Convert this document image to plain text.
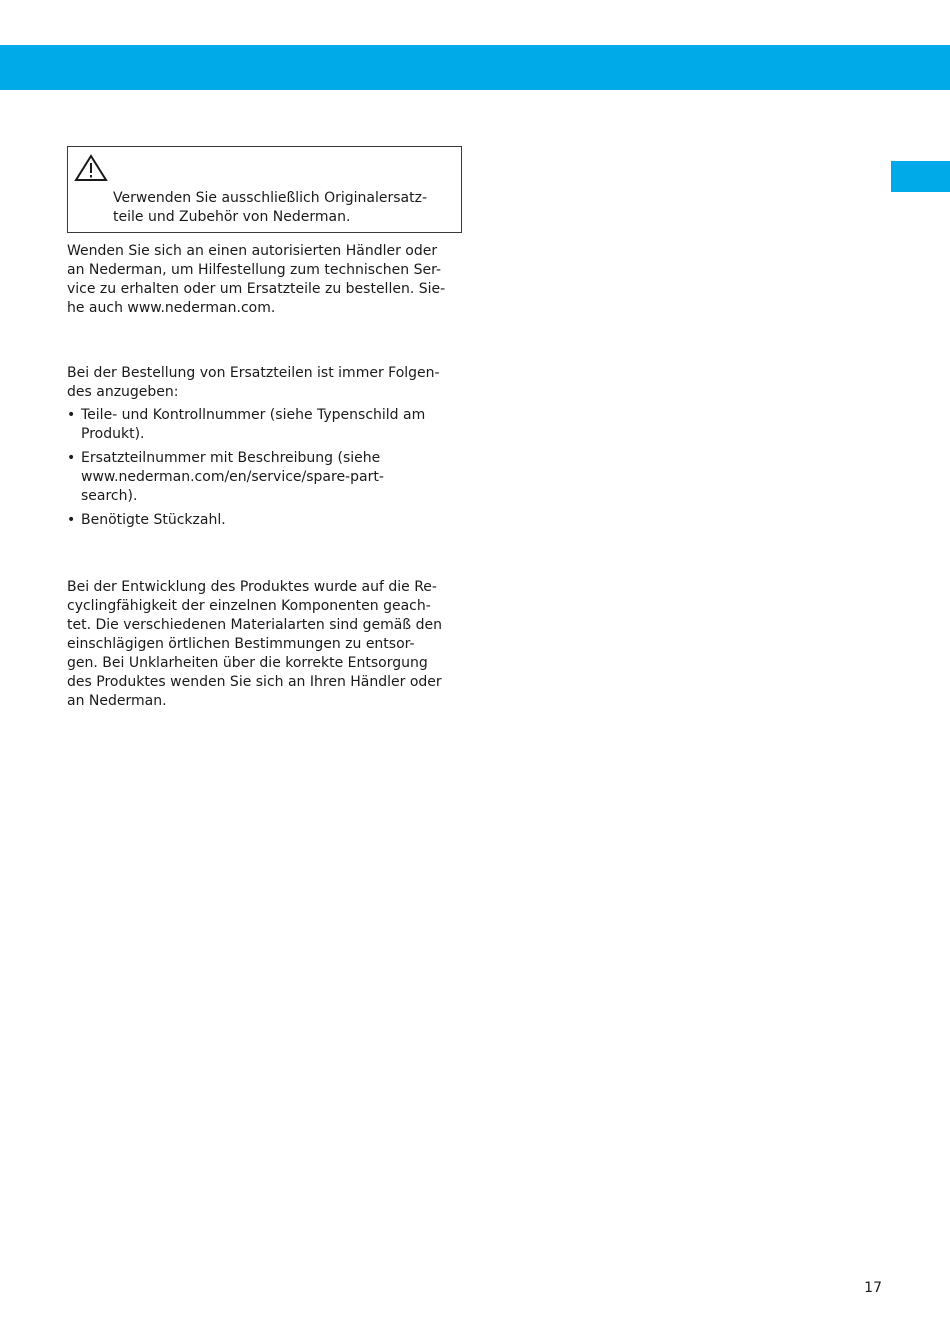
Verwenden Sie ausschließlich Originalersatz-
teile und Zubehör von Nederman.
Wenden Sie sich an einen autorisierten Händler oder
an Nederman, um Hilfestellung zum technischen Ser-
vice zu erhalten oder um Ersatzteile zu bestellen. Sie-
he auch www.nederman.com.
Bei der Bestellung von Ersatzteilen ist immer Folgen-
des anzugeben:
• Teile- und Kontrollnummer (siehe Typenschild am
Produkt).
• Ersatzteilnummer mit Beschreibung (siehe
www.nederman.com/en/service/spare-part-
search).
• Benötigte Stückzahl.
Bei der Entwicklung des Produktes wurde auf die Re-
cyclingfähigkeit der einzelnen Komponenten geach-
tet. Die verschiedenen Materialarten sind gemäß den
einschlägigen örtlichen Bestimmungen zu entsor-
gen. Bei Unklarheiten über die korrekte Entsorgung
des Produktes wenden Sie sich an Ihren Händler oder
an Nederman.
17
